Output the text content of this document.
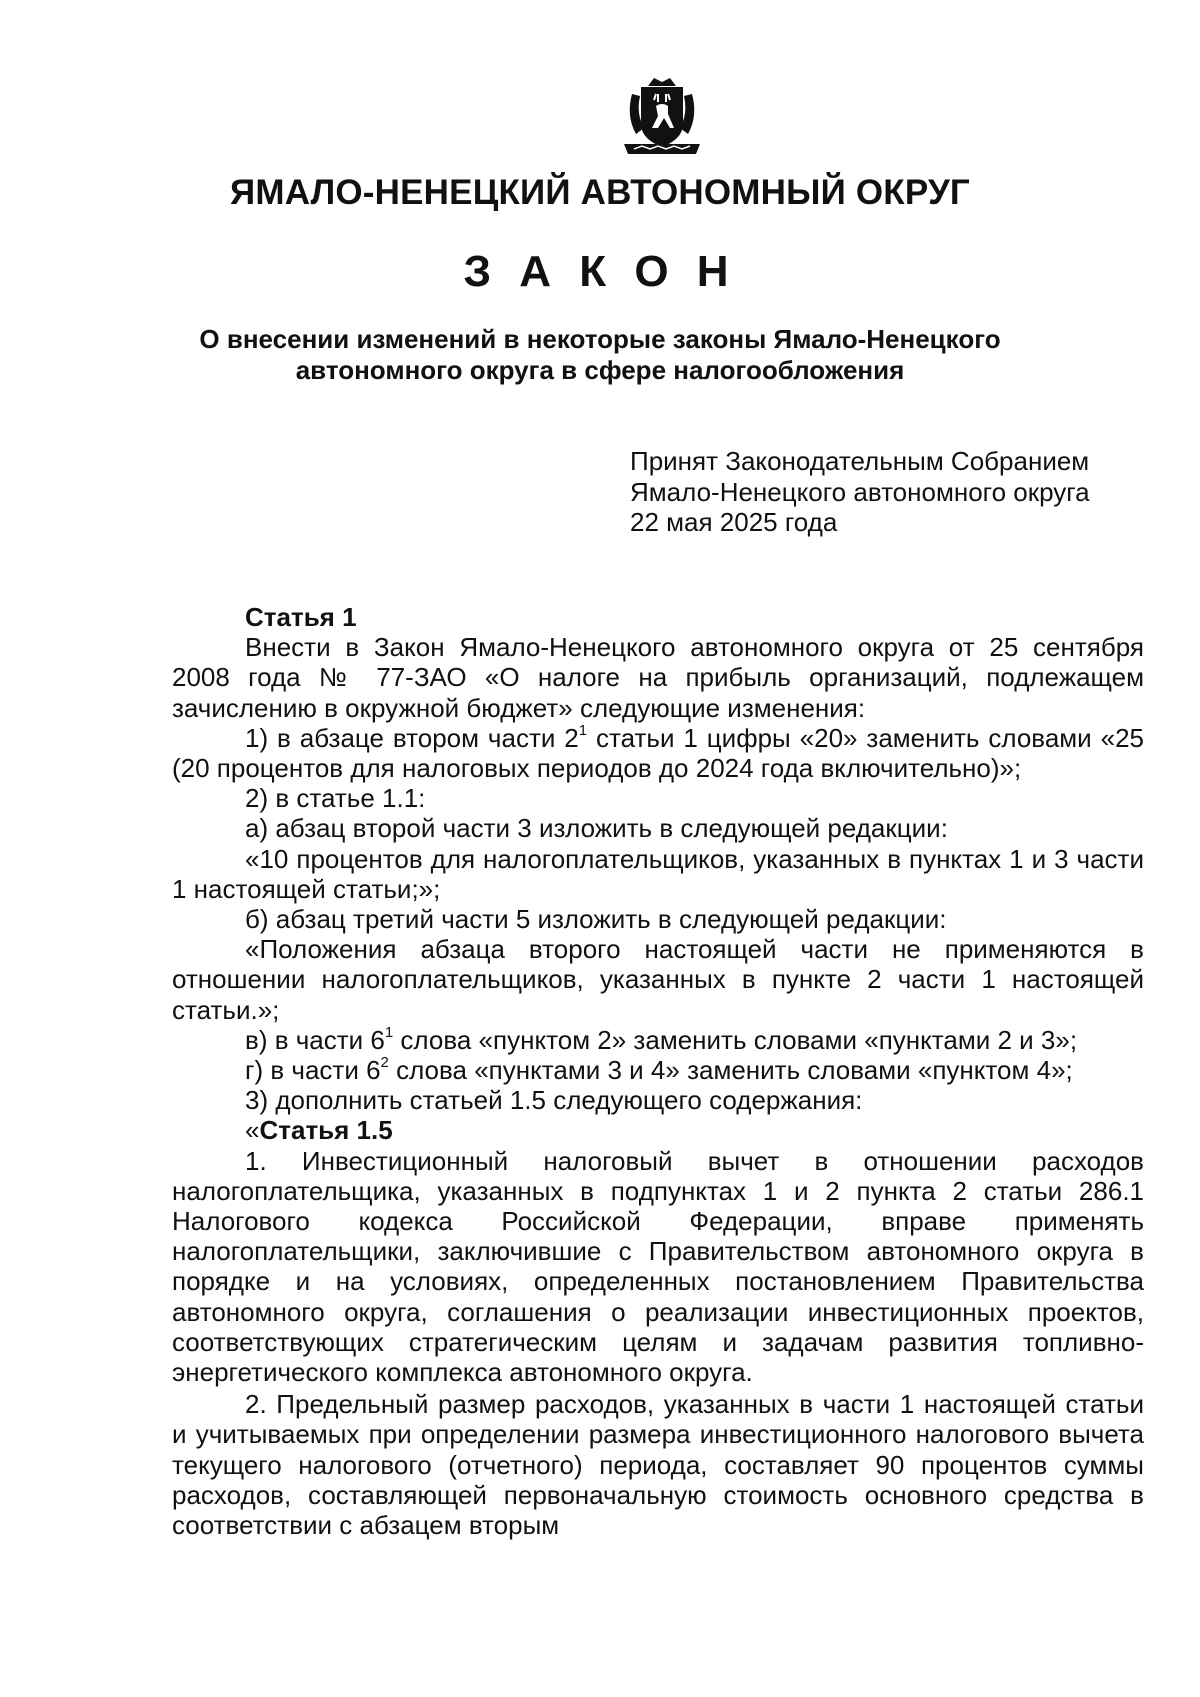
ЯМАЛО-НЕНЕЦКИЙ АВТОНОМНЫЙ ОКРУГ
З А К О Н
О внесении изменений в некоторые законы Ямало-Ненецкого
автономного округа в сфере налогообложения
Принят Законодательным Собранием
Ямало-Ненецкого автономного округа
22 мая 2025 года
Статья 1

Внести в Закон Ямало-Ненецкого автономного округа от 25 сентября 2008 года № 77-ЗАО «О налоге на прибыль организаций, подлежащем зачислению в окружной бюджет» следующие изменения:

1) в абзаце втором части $2^1$ статьи 1 цифры «20» заменить словами «25 (20 процентов для налоговых периодов до 2024 года включительно)»;

2) в статье 1.1:

а) абзац второй части 3 изложить в следующей редакции:

«10 процентов для налогоплательщиков, указанных в пунктах 1 и 3 части 1 настоящей статьи;»;

б) абзац третий части 5 изложить в следующей редакции:

«Положения абзаца второго настоящей части не применяются в отношении налогоплательщиков, указанных в пункте 2 части 1 настоящей статьи.»;

в) в части $6^1$ слова «пунктом 2» заменить словами «пунктами 2 и 3»;

г) в части $6^2$ слова «пунктами 3 и 4» заменить словами «пунктом 4»;

3) дополнить статьей 1.5 следующего содержания:

«Статья 1.5

1. Инвестиционный налоговый вычет в отношении расходов налогоплательщика, указанных в подпунктах 1 и 2 пункта 2 статьи 286.1 Налогового кодекса Российской Федерации, вправе применять налогоплательщики, заключившие с Правительством автономного округа в порядке и на условиях, определенных постановлением Правительства автономного округа, соглашения о реализации инвестиционных проектов, соответствующих стратегическим целям и задачам развития топливно-энергетического комплекса автономного округа.

2. Предельный размер расходов, указанных в части 1 настоящей статьи и учитываемых при определении размера инвестиционного налогового вычета текущего налогового (отчетного) периода, составляет 90 процентов суммы расходов, составляющей первоначальную стоимость основного средства в соответствии с абзацем вторым
